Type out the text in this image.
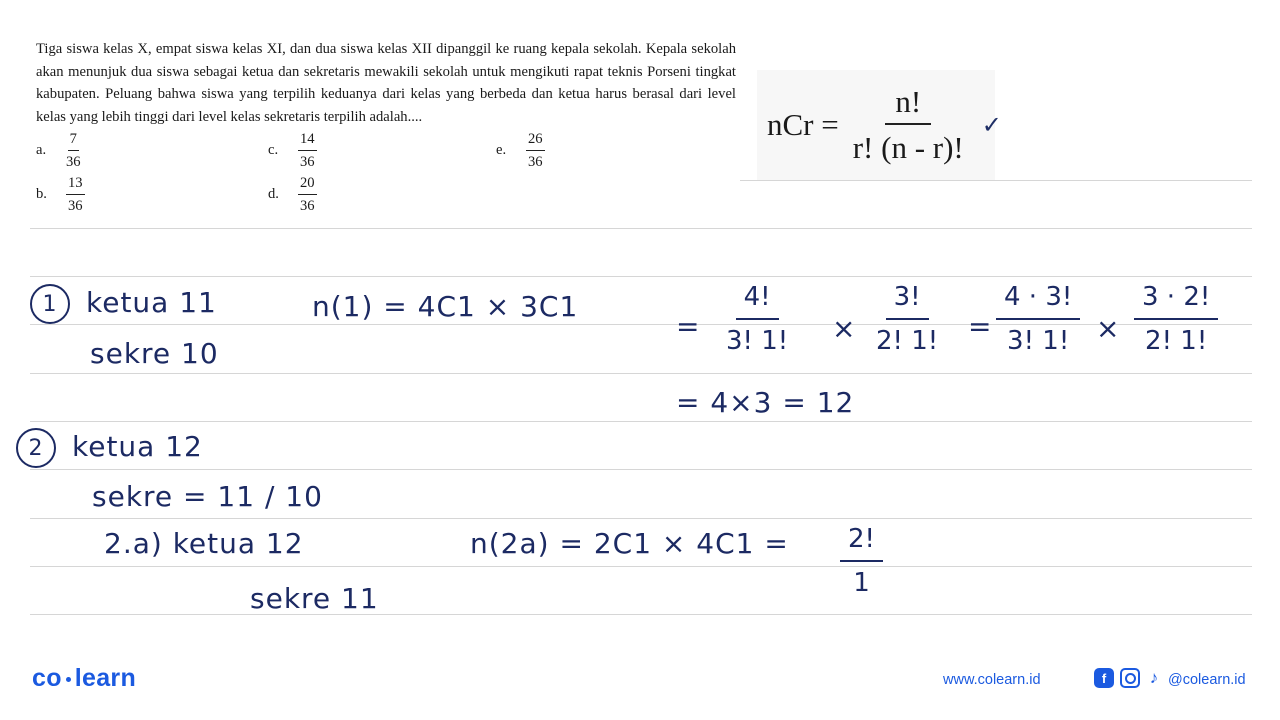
Tiga siswa kelas X, empat siswa kelas XI, dan dua siswa kelas XII dipanggil ke ruang kepala sekolah. Kepala sekolah akan menunjuk dua siswa sebagai ketua dan sekretaris mewakili sekolah untuk mengikuti rapat teknis Porseni tingkat kabupaten. Peluang bahwa siswa yang terpilih keduanya dari kelas yang berbeda dan ketua harus berasal dari level kelas yang lebih tinggi dari level kelas sekretaris terpilih adalah....
a.	$\frac{7}{36}$
b.	$\frac{13}{36}$
c.	$\frac{14}{36}$
d.	$\frac{20}{36}$
e.	$\frac{26}{36}$
nCr = $\frac{n!}{r! (n - r)!}$ ✓
1 ketua 11
sekre 10
n(1) = 4C1 × 3C1
= $\frac{4!}{3! 1!} \times \frac{3!}{2! 1!} = \frac{4 \cdot 3!}{3! 1!} \times \frac{3 \cdot 2!}{2! 1!}$
= 4×3 = 12
2 ketua 12
sekre = 11 / 10
2.a) ketua 12	$n(2a) = 2C1 \times 4C1 = \frac{2!}{1}$
sekre 11
co learn	www.colearn.id	f	♪ @colearn.id
